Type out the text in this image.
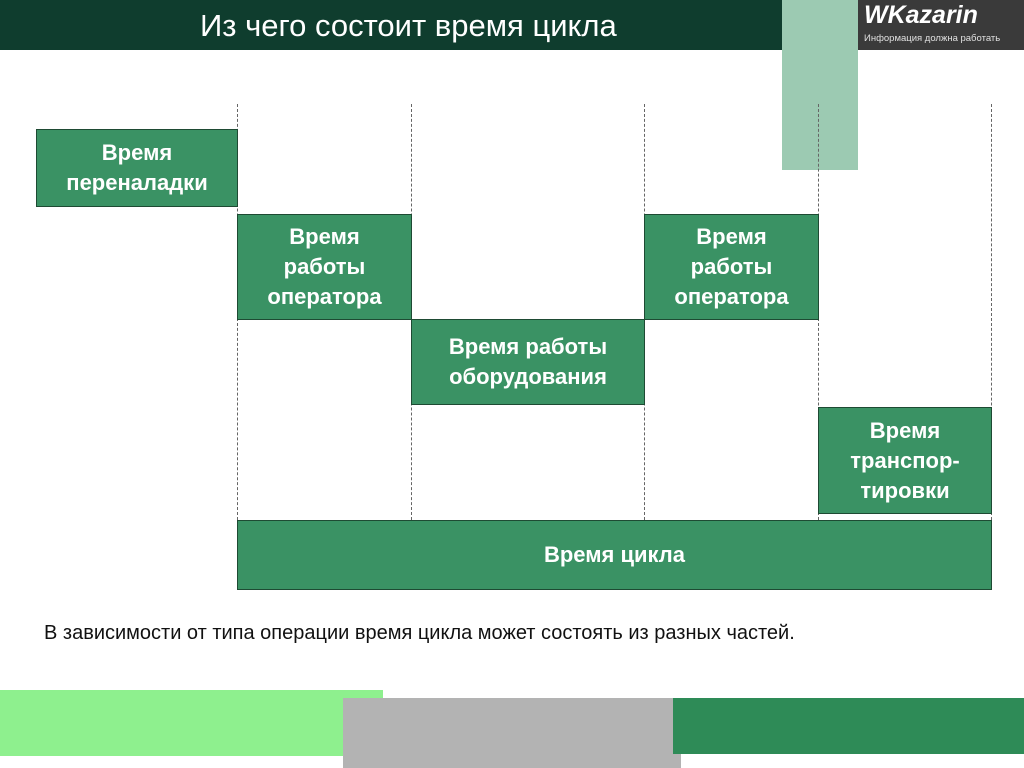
Из чего состоит время цикла	WKazarin
Информация должна работать
Время
переналадки
Время
работы
оператора
Время работы
оборудования
Время
работы
оператора
Время
транспор-
тировки
Время цикла
В зависимости от типа операции время цикла может состоять из разных частей.
